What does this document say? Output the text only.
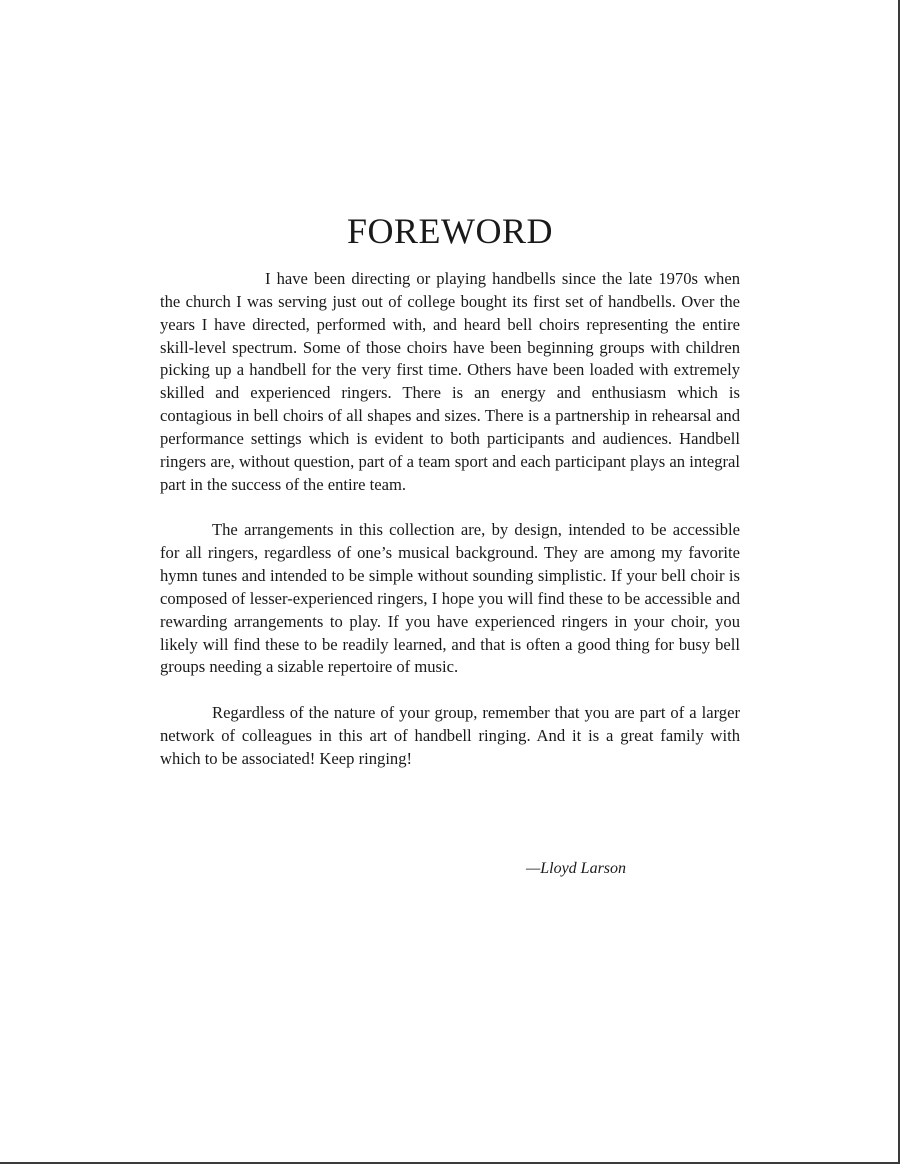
FOREWORD

I have been directing or playing handbells since the late 1970s when the church I was serving just out of college bought its first set of handbells. Over the years I have directed, performed with, and heard bell choirs representing the entire skill-level spectrum. Some of those choirs have been beginning groups with children picking up a handbell for the very first time. Others have been loaded with extremely skilled and experienced ringers. There is an energy and enthusiasm which is contagious in bell choirs of all shapes and sizes. There is a partnership in rehearsal and performance settings which is evident to both participants and audiences. Handbell ringers are, without question, part of a team sport and each participant plays an integral part in the success of the entire team.

The arrangements in this collection are, by design, intended to be accessible for all ringers, regardless of one’s musical background. They are among my favorite hymn tunes and intended to be simple without sounding simplistic. If your bell choir is composed of lesser-experienced ringers, I hope you will find these to be accessible and rewarding arrangements to play. If you have experienced ringers in your choir, you likely will find these to be readily learned, and that is often a good thing for busy bell groups needing a sizable repertoire of music.

Regardless of the nature of your group, remember that you are part of a larger network of colleagues in this art of handbell ringing. And it is a great family with which to be associated! Keep ringing!

—Lloyd Larson
